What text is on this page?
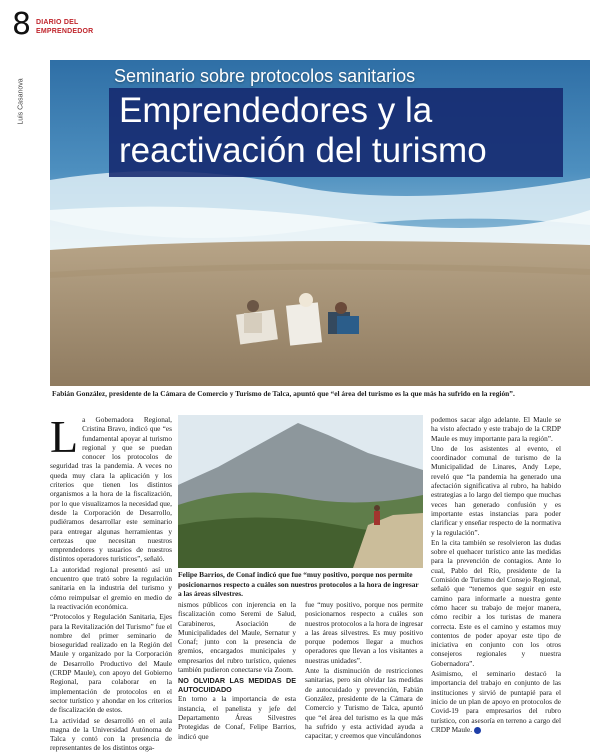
8 DIARIO DEL
EMPRENDEDOR
Luis Casanova
Seminario sobre protocolos sanitarios
Emprendedores y la
reactivación del turismo
Fabián González, presidente de la Cámara de Comercio y Turismo de Talca, apuntó que “el área del turismo es la que más ha sufrido en la región”.
L a Gobernadora Regional, Cristina Bravo, indicó que “es fundamental apoyar al turismo regional y que se puedan conocer los protocolos de seguridad tras la pandemia. A veces no queda muy clara la aplicación y los criterios que tienen los distintos organismos a la hora de la fiscalización, por lo que visualizamos la necesidad que, desde la Corporación de Desarrollo, pudiéramos desarrollar este seminario para entregar algunas herramientas y certezas que necesitan nuestros emprendedores y usuarios de nuestros distintos operadores turísticos”, señaló.

La autoridad regional presentó así un encuentro que trató sobre la regulación sanitaria en la industria del turismo y cómo reimpulsar el gremio en medio de la reactivación económica.

“Protocolos y Regulación Sanitaria, Ejes para la Revitalización del Turismo” fue el nombre del primer seminario de bioseguridad realizado en la Región del Maule y organizado por la Corporación de Desarrollo Productivo del Maule (CRDP Maule), con apoyo del Gobierno Regional, para colaborar en la implementación de protocolos en el sector turístico y ahondar en los criterios de fiscalización de estos.

La actividad se desarrolló en el aula magna de la Universidad Autónoma de Talca y contó con la presencia de representantes de los distintos orga-

Felipe Barrios, de Conaf indicó que fue “muy positivo, porque nos permite posicionarnos respecto a cuáles son nuestros protocolos a la hora de ingresar a las áreas silvestres.

nismos públicos con injerencia en la fiscalización como Seremi de Salud, Carabineros, Asociación de Municipalidades del Maule, Sernatur y Conaf; junto con la presencia de gremios, encargados municipales y empresarios del rubro turístico, quienes también pudieron conectarse vía Zoom.

NO OLVIDAR LAS MEDIDAS DE AUTOCUIDADO

En torno a la importancia de esta instancia, el panelista y jefe del Departamento Áreas Silvestres Protegidas de Conaf, Felipe Barrios, indicó que

fue “muy positivo, porque nos permite posicionarnos respecto a cuáles son nuestros protocolos a la hora de ingresar a las áreas silvestres. Es muy positivo porque podemos llegar a muchos operadores que llevan a los visitantes a nuestras unidades”.

Ante la disminución de restricciones sanitarias, pero sin olvidar las medidas de autocuidado y prevención, Fabián González, presidente de la Cámara de Comercio y Turismo de Talca, apuntó que “el área del turismo es la que más ha sufrido y esta actividad ayuda a capacitar, y creemos que vinculándonos

podemos sacar algo adelante. El Maule se ha visto afectado y este trabajo de la CRDP Maule es muy importante para la región”.

Uno de los asistentes al evento, el coordinador comunal de turismo de la Municipalidad de Linares, Andy Lepe, reveló que “la pandemia ha generado una afectación significativa al rubro, ha habido estrategias a lo largo del tiempo que muchas veces han generado confusión y es importante estas instancias para poder clarificar y enseñar respecto de la normativa y la regulación”.

En la cita también se resolvieron las dudas sobre el quehacer turístico ante las medidas para la prevención de contagios. Ante lo cual, Pablo del Río, presidente de la Comisión de Turismo del Consejo Regional, señaló que “tenemos que seguir en este camino para informarle a nuestra gente cómo hacer su trabajo de mejor manera, cómo recibir a los turistas de manera correcta. Este es el camino y estamos muy contentos de poder apoyar este tipo de iniciativa en conjunto con los otros consejeros regionales y nuestra Gobernadora”.

Asimismo, el seminario destacó la importancia del trabajo en conjunto de las instituciones y sirvió de puntapié para el inicio de un plan de apoyo en protocolos de Covid-19 para empresarios del rubro turístico, con asesoría en terreno a cargo del CRDP Maule.
